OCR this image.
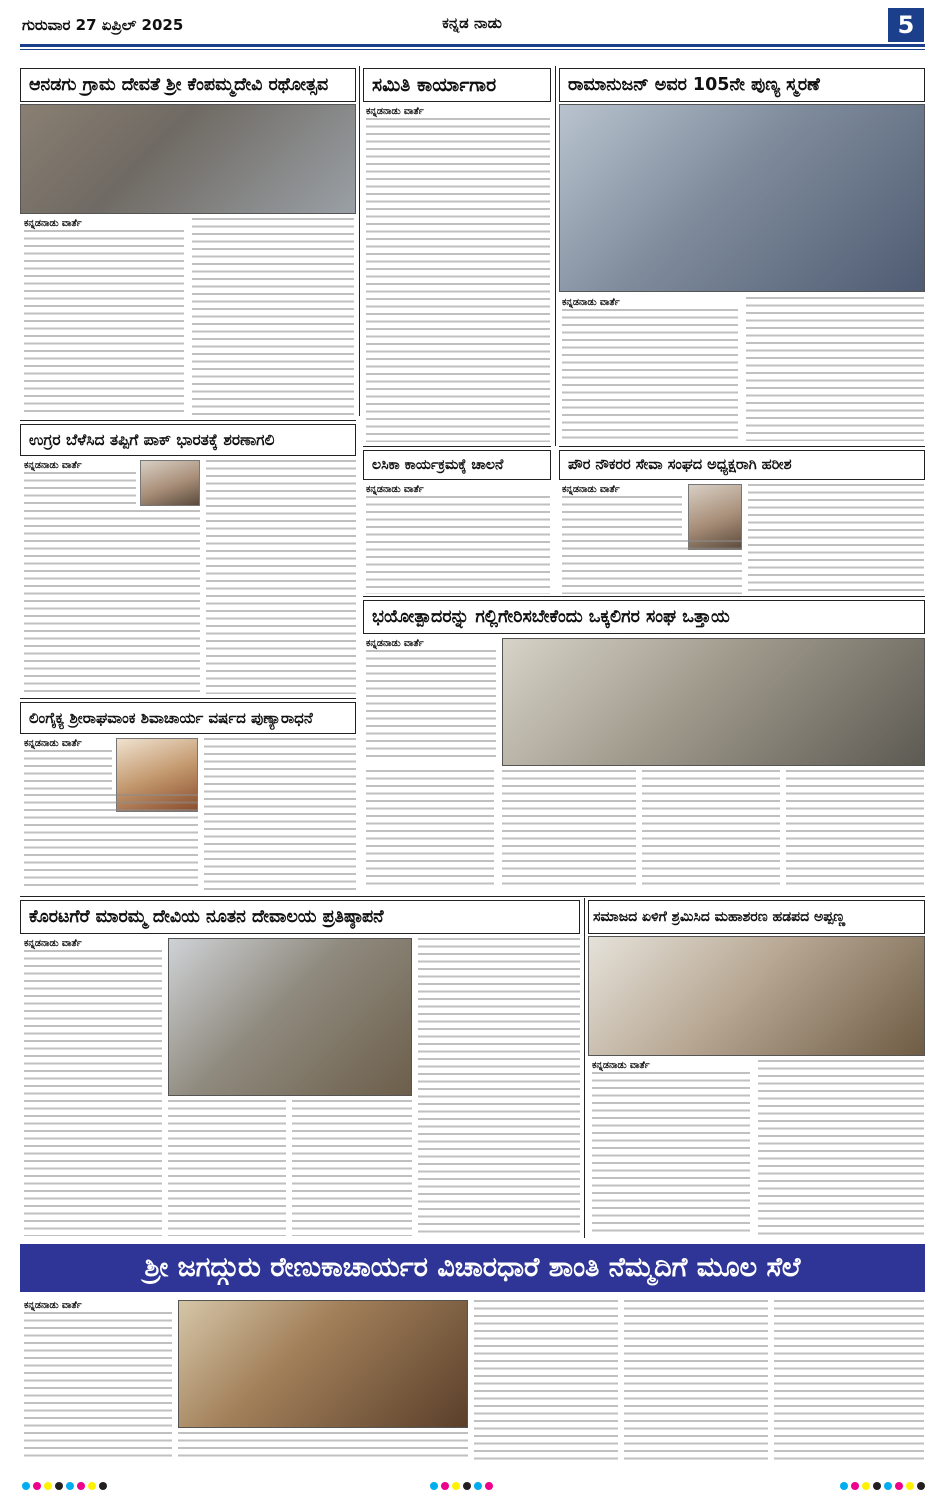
ಗುರುವಾರ 27 ಏಪ್ರಿಲ್ 2025	ಕನ್ನಡ ನಾಡು	5
ಆನಡಗು ಗ್ರಾಮ ದೇವತೆ ಶ್ರೀ ಕೆಂಪಮ್ಮದೇವಿ ರಥೋತ್ಸವ
ಕನ್ನಡನಾಡು ವಾರ್ತೆ
ಸಮಿತಿ ಕಾರ್ಯಾಗಾರ
ಕನ್ನಡನಾಡು ವಾರ್ತೆ
ರಾಮಾನುಜನ್ ಅವರ 105ನೇ ಪುಣ್ಯ ಸ್ಮರಣೆ
ಕನ್ನಡನಾಡು ವಾರ್ತೆ
ಉಗ್ರರ ಬೆಳೆಸಿದ ತಪ್ಪಿಗೆ ಪಾಕ್ ಭಾರತಕ್ಕೆ ಶರಣಾಗಲಿ
ಕನ್ನಡನಾಡು ವಾರ್ತೆ	ಲಸಿಕಾ ಕಾರ್ಯಕ್ರಮಕ್ಕೆ ಚಾಲನೆ
ಕನ್ನಡನಾಡು ವಾರ್ತೆ
ಪೌರ ನೌಕರರ ಸೇವಾ ಸಂಘದ ಅಧ್ಯಕ್ಷರಾಗಿ ಹರೀಶ
ಕನ್ನಡನಾಡು ವಾರ್ತೆ
ಭಯೋತ್ಪಾದರನ್ನು ಗಲ್ಲಿಗೇರಿಸಬೇಕೆಂದು ಒಕ್ಕಲಿಗರ ಸಂಘ ಒತ್ತಾಯ
ಕನ್ನಡನಾಡು ವಾರ್ತೆ
ಲಿಂಗೈಕ್ಯ ಶ್ರೀರಾಘವಾಂಕ ಶಿವಾಚಾರ್ಯ ವರ್ಷದ ಪುಣ್ಯಾರಾಧನೆ
ಕನ್ನಡನಾಡು ವಾರ್ತೆ
ಕೊರಟಗೆರೆ ಮಾರಮ್ಮ ದೇವಿಯ ನೂತನ ದೇವಾಲಯ ಪ್ರತಿಷ್ಠಾಪನೆ
ಕನ್ನಡನಾಡು ವಾರ್ತೆ
ಸಮಾಜದ ಏಳಿಗೆ ಶ್ರಮಿಸಿದ ಮಹಾಶರಣ ಹಡಪದ ಅಪ್ಪಣ್ಣ
ಕನ್ನಡನಾಡು ವಾರ್ತೆ
ಶ್ರೀ ಜಗದ್ಗುರು ರೇಣುಕಾಚಾರ್ಯರ ವಿಚಾರಧಾರೆ ಶಾಂತಿ ನೆಮ್ಮದಿಗೆ ಮೂಲ ಸೆಲೆ
ಕನ್ನಡನಾಡು ವಾರ್ತೆ
